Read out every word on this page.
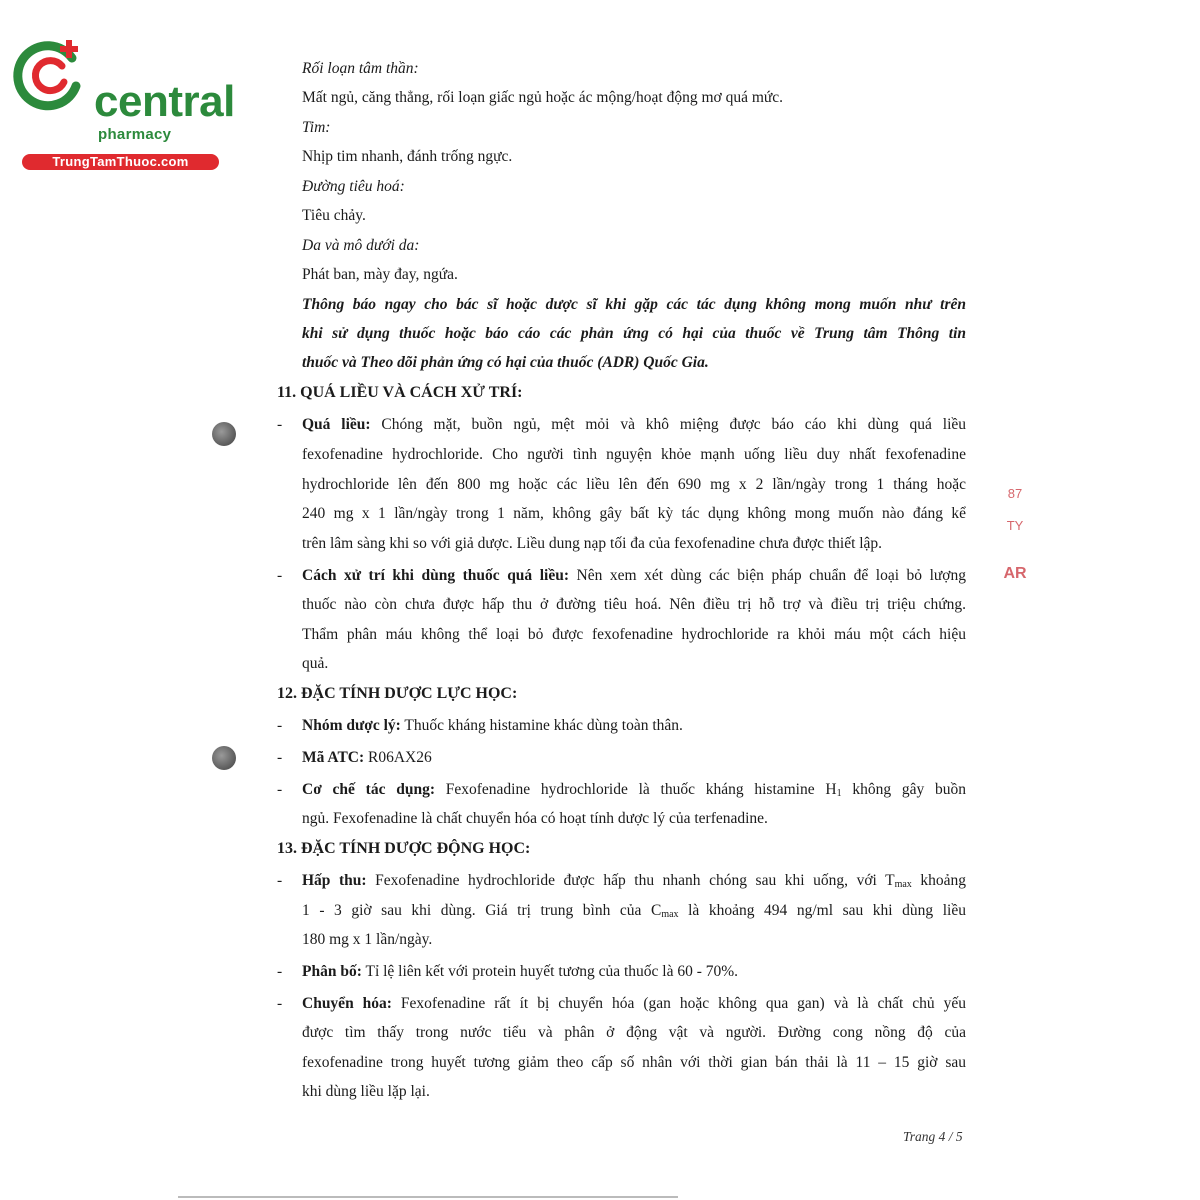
central
pharmacy
TrungTamThuoc.com
Rối loạn tâm thần:
Mất ngủ, căng thẳng, rối loạn giấc ngủ hoặc ác mộng/hoạt động mơ quá mức.
Tim:
Nhịp tim nhanh, đánh trống ngực.
Đường tiêu hoá:
Tiêu chảy.
Da và mô dưới da:
Phát ban, mày đay, ngứa.
Thông báo ngay cho bác sĩ hoặc dược sĩ khi gặp các tác dụng không mong muốn như trên
khi sử dụng thuốc hoặc báo cáo các phản ứng có hại của thuốc về Trung tâm Thông tin
thuốc và Theo dõi phản ứng có hại của thuốc (ADR) Quốc Gia.
11. QUÁ LIỀU VÀ CÁCH XỬ TRÍ:
- Quá liều: Chóng mặt, buồn ngủ, mệt mỏi và khô miệng được báo cáo khi dùng quá liều
fexofenadine hydrochloride. Cho người tình nguyện khỏe mạnh uống liều duy nhất fexofenadine
hydrochloride lên đến 800 mg hoặc các liều lên đến 690 mg x 2 lần/ngày trong 1 tháng hoặc
240 mg x 1 lần/ngày trong 1 năm, không gây bất kỳ tác dụng không mong muốn nào đáng kể
trên lâm sàng khi so với giả dược. Liều dung nạp tối đa của fexofenadine chưa được thiết lập.
- Cách xử trí khi dùng thuốc quá liều: Nên xem xét dùng các biện pháp chuẩn để loại bỏ lượng
thuốc nào còn chưa được hấp thu ở đường tiêu hoá. Nên điều trị hỗ trợ và điều trị triệu chứng.
Thẩm phân máu không thể loại bỏ được fexofenadine hydrochloride ra khỏi máu một cách hiệu
quả.
12. ĐẶC TÍNH DƯỢC LỰC HỌC:
- Nhóm dược lý: Thuốc kháng histamine khác dùng toàn thân.
- Mã ATC: R06AX26
- Cơ chế tác dụng: Fexofenadine hydrochloride là thuốc kháng histamine $H_1$ không gây buồn
ngủ. Fexofenadine là chất chuyển hóa có hoạt tính dược lý của terfenadine.
13. ĐẶC TÍNH DƯỢC ĐỘNG HỌC:
- Hấp thu: Fexofenadine hydrochloride được hấp thu nhanh chóng sau khi uống, với $T_{max}$ khoảng
1 - 3 giờ sau khi dùng. Giá trị trung bình của $C_{max}$ là khoảng 494 ng/ml sau khi dùng liều
180 mg x 1 lần/ngày.
- Phân bố: Tỉ lệ liên kết với protein huyết tương của thuốc là 60 - 70%.
- Chuyển hóa: Fexofenadine rất ít bị chuyển hóa (gan hoặc không qua gan) và là chất chủ yếu
được tìm thấy trong nước tiểu và phân ở động vật và người. Đường cong nồng độ của
fexofenadine trong huyết tương giảm theo cấp số nhân với thời gian bán thải là 11 – 15 giờ sau
khi dùng liều lặp lại.
87
TY
AR
Trang 4 / 5
